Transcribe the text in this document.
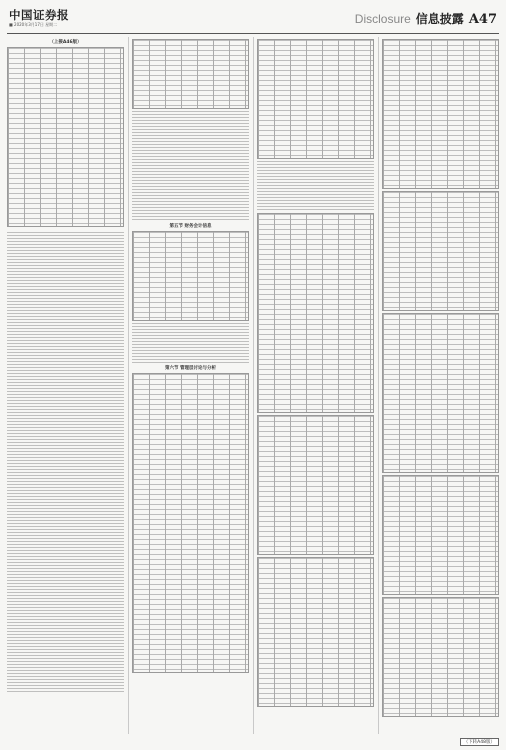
中国证券报
■ 2020年3月17日 星期二	Disclosure 信息披露 A47
（上接A46版）
第五节 财务会计信息
第六节 管理层讨论与分析
（下转A48版）
